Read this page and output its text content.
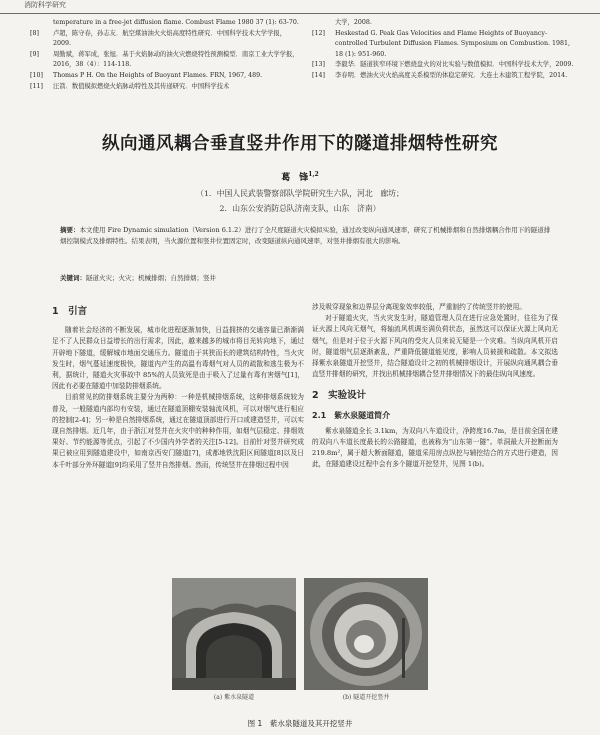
消防科学研究
temperature in a free-jet diffusion flame. Combust Flame 1980 37 (1): 63-70.
[8]	卢超，陈守春，孙志友．航空煤油油火火焰高度特性研究．中国科学技术大学学报，2009.
[9]	周勤斌，蒋军成，张旭．基于火焰脉动的油火灾燃烧特性预测模型．南京工业大学学报，2016，38（4）：114-118.
[10]	Thomas P H. On the Heights of Buoyant Flames. FRN, 1967, 489.
[11]	汪箭．数值模拟燃烧火焰脉动特性及其传递研究．中国科学技术
大学，2008.
[12]	Heskestad G. Peak Gas Velocities and Flame Heights of Buoyancy-controlled Turbulent Diffusion Flames. Symposium on Combustion. 1981, 18 (1): 951-960.
[13]	李毅华．隧道狭窄环境下燃烧盘火的对比实验与数值模拟．中国科学技术大学，2009.
[14]	李春明．燃油火灾火焰高度关系模型的体稳定研究．大连土木建筑工程学院，2014.
纵向通风耦合垂直竖井作用下的隧道排烟特性研究
葛　锋$^{1,2}$
（1．中国人民武装警察部队学院研究生六队，河北　廊坊；
2．山东公安消防总队济南支队，山东　济南）
摘要：本文使用 Fire Dynamic simulation（Version 6.1.2）进行了全尺度隧道火灾模拟实验，通过改变纵向通风速率，研究了机械排烟和自然排烟耦合作用下的隧道排烟控制模式及排烟特性。结果表明，当火源位置和竖井位置固定时，改变隧道纵向通风速率，对竖井排烟有很大的影响。
关键词：隧道火灾；火灾；机械排烟；自然排烟；竖井
1　引言

随着社会经济的不断发展，城市化进程逐渐加快，日益拥挤的交通容量已渐渐满足不了人民群众日益增长的出行需求，因此，越来越多的城市将目光转向地下，通过开辟地下隧道，缓解城市地面交通压力。隧道由于其狭而长的建筑结构特性，当火灾发生时，烟气蔓延速度极快，隧道内产生的高温有毒烟气对人员的疏散和逃生极为不利，据统计，隧道火灾事故中 85%的人员致死是由于吸入了过量有毒有害烟气[1]，因此有必要在隧道中加装防排烟系统。

目前常见的防排烟系统主要分为两种：一种是机械排烟系统，这种排烟系统较为普及，一般隧道内部均有安装，通过在隧道顶棚安装轴流风机，可以对烟气进行相应的控制[2-4]；另一种是自然排烟系统，通过在隧道顶部进行开口或建造竖井，可以实现自然排烟。近几年，由于浙江对竖井在火灾中的种种作用，如烟气层稳定、排烟效果好、节约能源等优点，引起了不少国内外学者的关注[5-12]。目前针对竖井研究成果已被应用到隧道建设中，如南京西安门隧道[7]，成都地铁沈阳区间隧道[8]以及日本千叶部分外环隧道[9]均采用了竖井自然排烟。然而，传统竖井在排烟过程中因

涉及吸穿现象和边界层分离现象效率较低，严重制约了传统竖井的使用。

对于隧道火灾，当火灾发生时，隧道管理人员在进行应急处置时，往往为了保证火源上风向无烟气，将轴流风机调至满负荷状态，虽然这可以保证火源上风向无烟气，但是对于位于火源下风向的受灾人员来说无疑是一个灾难。当纵向风机开启时，隧道烟气层逐渐紊乱，严重降低隧道能见度，影响人员被援和疏散。本文拟选择紫水泉隧道开挖竖井，结合隧道设计之初的机械排烟设计，开展纵向通风耦合垂直竖井排烟的研究，并找出机械排烟耦合竖井排烟情况下的最佳纵向风速度。

2　实验设计
2.1　紫水泉隧道简介

紫水泉隧道全长 3.1km，为双向八车道设计，净跨度16.7m，是目前全国在建的双向八车道长度最长的公路隧道，也被称为“山东第一隧”。单洞最大开挖断面为 219.8m²，属于超大断面隧道，隧道采用房点纵挖与辅挖结合的方式进行建造，因此，在隧道建设过程中会有多个隧道开挖竖井，见图 1(b)。

(a) 紫水泉隧道	(b) 隧道开挖竖井
图 1　紫水泉隧道及其开挖竖井
